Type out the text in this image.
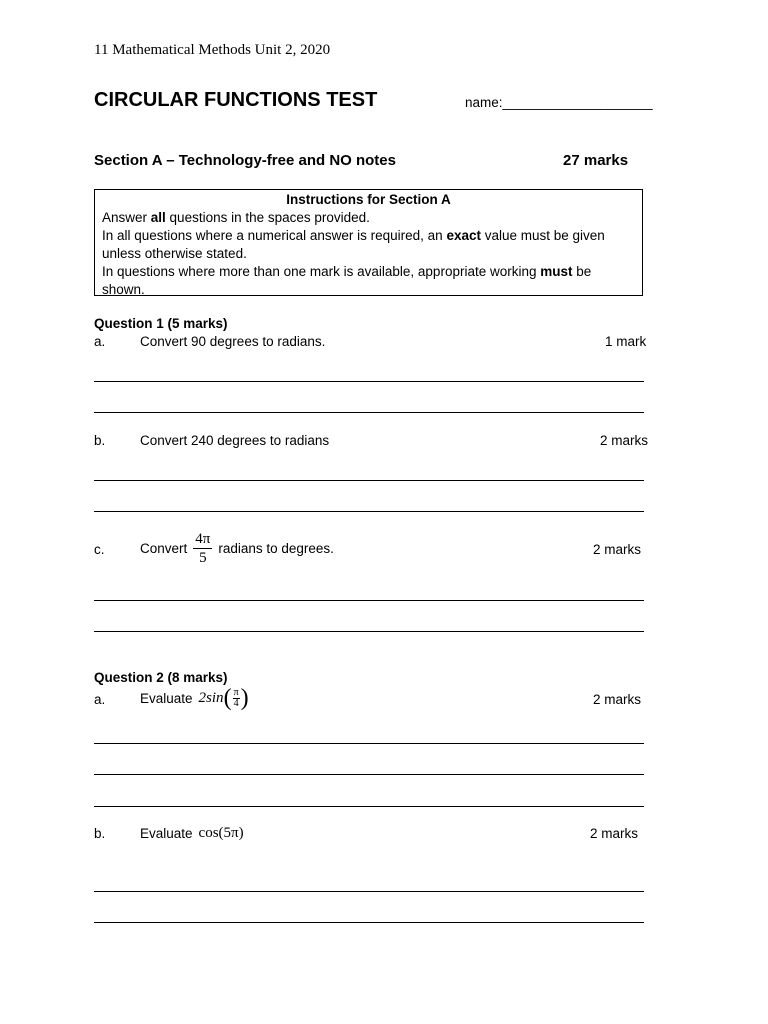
11 Mathematical Methods Unit 2, 2020
CIRCULAR FUNCTIONS TEST	name:____________________
Section A – Technology-free and NO notes	27 marks
Instructions for Section A
Answer all questions in the spaces provided.
In all questions where a numerical answer is required, an exact value must be given
unless otherwise stated.
In questions where more than one mark is available, appropriate working must be
shown.
Question 1 (5 marks)
a.	Convert 90 degrees to radians.	1 mark
b.	Convert 240 degrees to radians	2 marks
c.	Convert $\frac{4\pi}{5}$ radians to degrees.	2 marks
Question 2 (8 marks)
a.	Evaluate 2sin ( $\frac{\pi}{4}$ )	2 marks
b.	Evaluate cos(5π)	2 marks
